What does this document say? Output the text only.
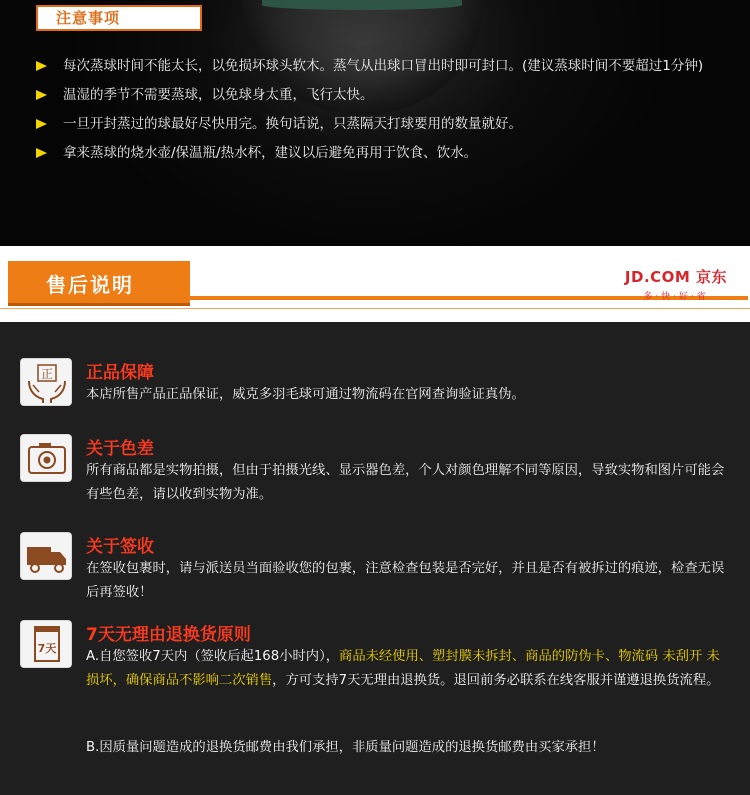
注意事项
每次蒸球时间不能太长，以免损坏球头软木。蒸气从出球口冒出时即可封口。(建议蒸球时间不要超过1分钟)
温湿的季节不需要蒸球，以免球身太重，飞行太快。
一旦开封蒸过的球最好尽快用完。换句话说，只蒸隔天打球要用的数量就好。
拿来蒸球的烧水壶/保温瓶/热水杯，建议以后避免再用于饮食、饮水。
售后说明	JD.COM 京东
多·快·好·省
正 正品保障
本店所售产品正品保证，威克多羽毛球可通过物流码在官网查询验证真伪。
关于色差
所有商品都是实物拍摄，但由于拍摄光线、显示器色差，个人对颜色理解不同等原因，导致实物和图片可能会有些色差，请以收到实物为准。
关于签收
在签收包裹时，请与派送员当面验收您的包裹，注意检查包装是否完好，并且是否有被拆过的痕迹，检查无误后再签收！
7天
7天无理由退换货原则
A.自您签收7天内（签收后起168小时内），商品未经使用、塑封膜未拆封、商品的防伪卡、物流码 未刮开 未损坏，确保商品不影响二次销售，方可支持7天无理由退换货。退回前务必联系在线客服并谨遵退换货流程。
B.因质量问题造成的退换货邮费由我们承担，非质量问题造成的退换货邮费由买家承担！
